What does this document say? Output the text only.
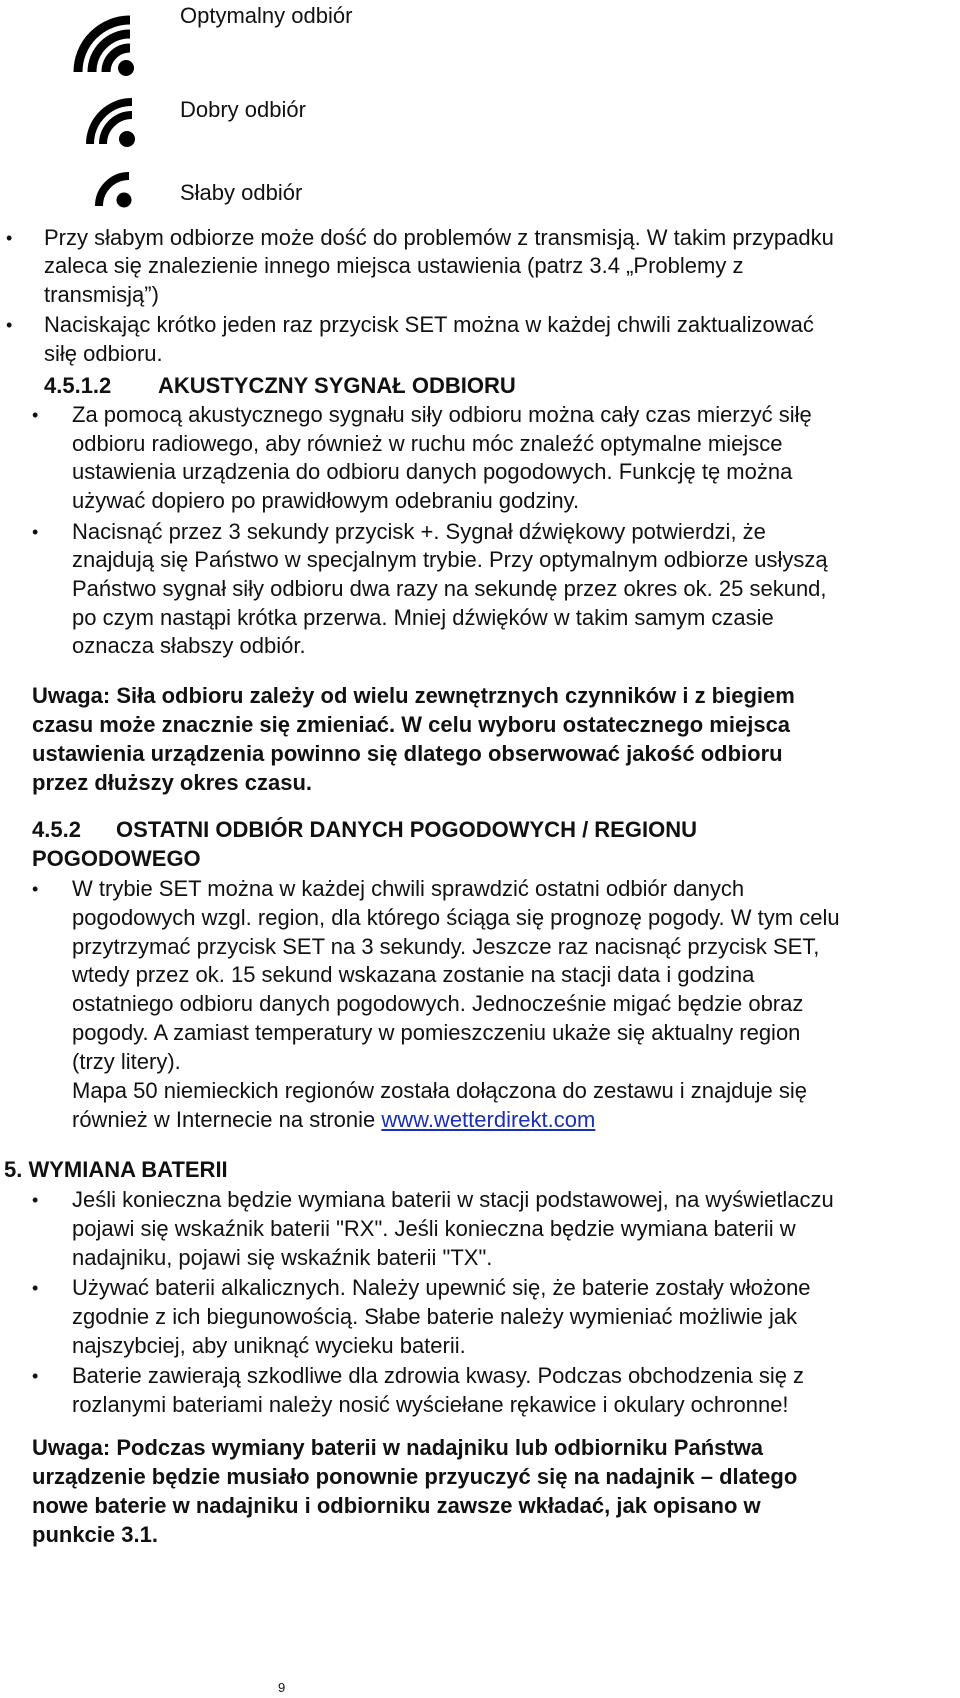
Optymalny odbiór

Dobry odbiór

Słaby odbiór

• Przy słabym odbiorze może dość do problemów z transmisją. W takim przypadku

zaleca się znalezienie innego miejsca ustawienia (patrz 3.4 „Problemy z

transmisją”)

• Naciskając krótko jeden raz przycisk SET można w każdej chwili zaktualizować

siłę odbioru.

4.5.1.2 AKUSTYCZNY SYGNAŁ ODBIORU

• Za pomocą akustycznego sygnału siły odbioru można cały czas mierzyć siłę

odbioru radiowego, aby również w ruchu móc znaleźć optymalne miejsce

ustawienia urządzenia do odbioru danych pogodowych. Funkcję tę można

używać dopiero po prawidłowym odebraniu godziny.

• Nacisnąć przez 3 sekundy przycisk +. Sygnał dźwiękowy potwierdzi, że

znajdują się Państwo w specjalnym trybie. Przy optymalnym odbiorze usłyszą

Państwo sygnał siły odbioru dwa razy na sekundę przez okres ok. 25 sekund,

po czym nastąpi krótka przerwa. Mniej dźwięków w takim samym czasie

oznacza słabszy odbiór.

Uwaga: Siła odbioru zależy od wielu zewnętrznych czynników i z biegiem

czasu może znacznie się zmieniać. W celu wyboru ostatecznego miejsca

ustawienia urządzenia powinno się dlatego obserwować jakość odbioru

przez dłuższy okres czasu.

4.5.2 OSTATNI ODBIÓR DANYCH POGODOWYCH / REGIONU

POGODOWEGO

• W trybie SET można w każdej chwili sprawdzić ostatni odbiór danych

pogodowych wzgl. region, dla którego ściąga się prognozę pogody. W tym celu

przytrzymać przycisk SET na 3 sekundy. Jeszcze raz nacisnąć przycisk SET,

wtedy przez ok. 15 sekund wskazana zostanie na stacji data i godzina

ostatniego odbioru danych pogodowych. Jednocześnie migać będzie obraz

pogody. A zamiast temperatury w pomieszczeniu ukaże się aktualny region

(trzy litery).

Mapa 50 niemieckich regionów została dołączona do zestawu i znajduje się

również w Internecie na stronie www.wetterdirekt.com

5. WYMIANA BATERII

• Jeśli konieczna będzie wymiana baterii w stacji podstawowej, na wyświetlaczu

pojawi się wskaźnik baterii "RX". Jeśli konieczna będzie wymiana baterii w

nadajniku, pojawi się wskaźnik baterii "TX".

• Używać baterii alkalicznych. Należy upewnić się, że baterie zostały włożone

zgodnie z ich biegunowością. Słabe baterie należy wymieniać możliwie jak

najszybciej, aby uniknąć wycieku baterii.

• Baterie zawierają szkodliwe dla zdrowia kwasy. Podczas obchodzenia się z

rozlanymi bateriami należy nosić wyściełane rękawice i okulary ochronne!

Uwaga: Podczas wymiany baterii w nadajniku lub odbiorniku Państwa

urządzenie będzie musiało ponownie przyuczyć się na nadajnik – dlatego

nowe baterie w nadajniku i odbiorniku zawsze wkładać, jak opisano w

punkcie 3.1.

9
